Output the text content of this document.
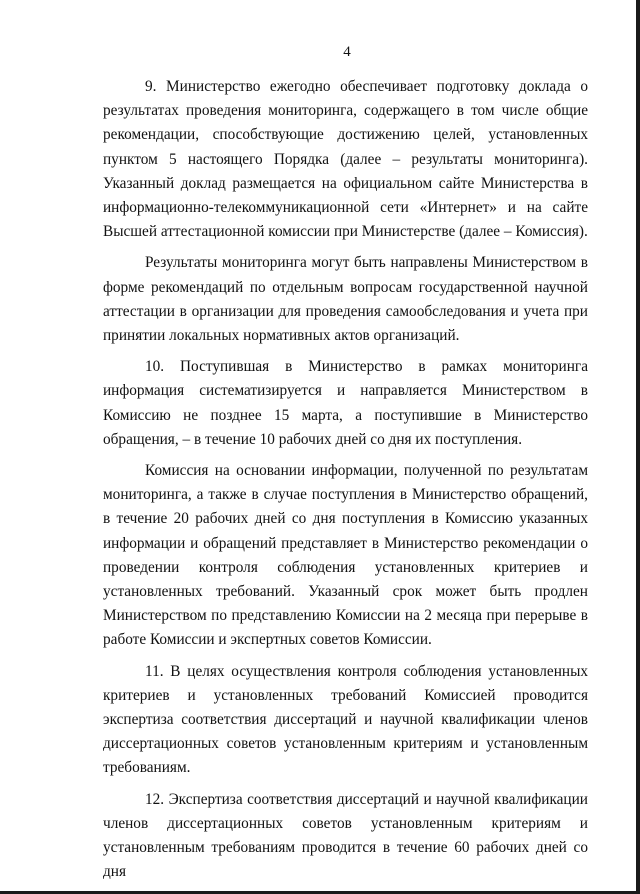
4

9. Министерство ежегодно обеспечивает подготовку доклада о результатах проведения мониторинга, содержащего в том числе общие рекомендации, способствующие достижению целей, установленных пунктом 5 настоящего Порядка (далее – результаты мониторинга). Указанный доклад размещается на официальном сайте Министерства в информационно-телекоммуникационной сети «Интернет» и на сайте Высшей аттестационной комиссии при Министерстве (далее – Комиссия).

Результаты мониторинга могут быть направлены Министерством в форме рекомендаций по отдельным вопросам государственной научной аттестации в организации для проведения самообследования и учета при принятии локальных нормативных актов организаций.

10. Поступившая в Министерство в рамках мониторинга информация систематизируется и направляется Министерством в Комиссию не позднее 15 марта, а поступившие в Министерство обращения, – в течение 10 рабочих дней со дня их поступления.

Комиссия на основании информации, полученной по результатам мониторинга, а также в случае поступления в Министерство обращений, в течение 20 рабочих дней со дня поступления в Комиссию указанных информации и обращений представляет в Министерство рекомендации о проведении контроля соблюдения установленных критериев и установленных требований. Указанный срок может быть продлен Министерством по представлению Комиссии на 2 месяца при перерыве в работе Комиссии и экспертных советов Комиссии.

11. В целях осуществления контроля соблюдения установленных критериев и установленных требований Комиссией проводится экспертиза соответствия диссертаций и научной квалификации членов диссертационных советов установленным критериям и установленным требованиям.

12. Экспертиза соответствия диссертаций и научной квалификации членов диссертационных советов установленным критериям и установленным требованиям проводится в течение 60 рабочих дней со дня
